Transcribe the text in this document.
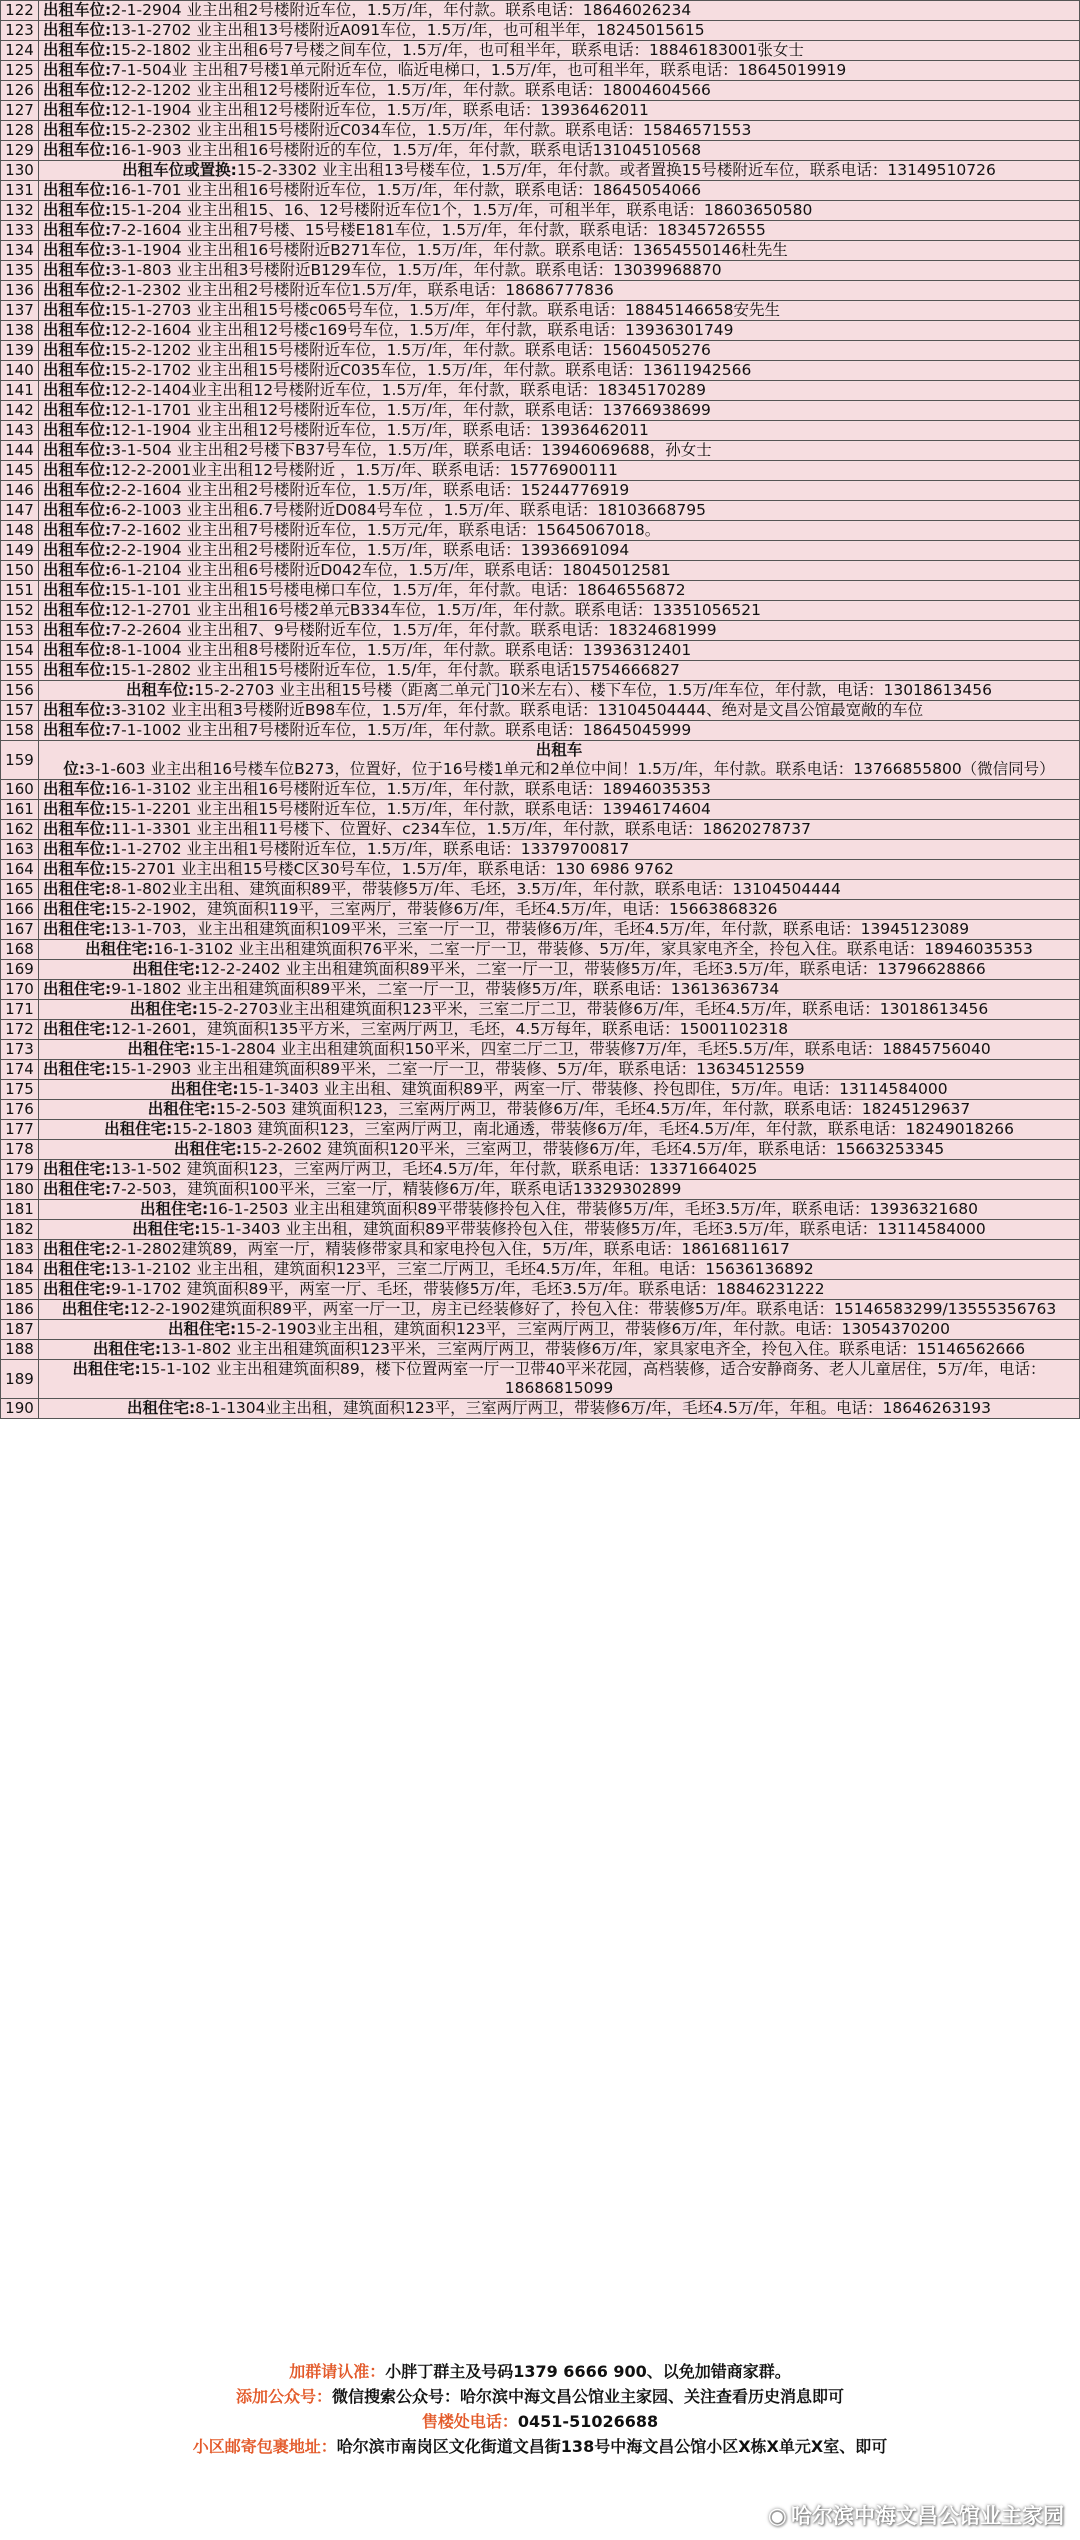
122	出租车位:2-1-2904 业主出租2号楼附近车位，1.5万/年，年付款。联系电话：18646026234
123	出租车位:13-1-2702 业主出租13号楼附近A091车位，1.5万/年，也可租半年，18245015615
124	出租车位:15-2-1802 业主出租6号7号楼之间车位，1.5万/年，也可租半年，联系电话：18846183001张女士
125	出租车位:7-1-504业 主出租7号楼1单元附近车位，临近电梯口，1.5万/年，也可租半年，联系电话：18645019919
126	出租车位:12-2-1202 业主出租12号楼附近车位，1.5万/年，年付款。联系电话：18004604566
127	出租车位:12-1-1904 业主出租12号楼附近车位，1.5万/年，联系电话：13936462011
128	出租车位:15-2-2302 业主出租15号楼附近C034车位，1.5万/年，年付款。联系电话：15846571553
129	出租车位:16-1-903 业主出租16号楼附近的车位，1.5万/年，年付款，联系电话13104510568
130	出租车位或置换:15-2-3302 业主出租13号楼车位，1.5万/年，年付款。或者置换15号楼附近车位，联系电话：13149510726
131	出租车位:16-1-701 业主出租16号楼附近车位，1.5万/年，年付款，联系电话：18645054066
132	出租车位:15-1-204 业主出租15、16、12号楼附近车位1个，1.5万/年，可租半年，联系电话：18603650580
133	出租车位:7-2-1604 业主出租7号楼、15号楼E181车位，1.5万/年，年付款，联系电话：18345726555
134	出租车位:3-1-1904 业主出租16号楼附近B271车位，1.5万/年，年付款。联系电话：13654550146杜先生
135	出租车位:3-1-803 业主出租3号楼附近B129车位，1.5万/年，年付款。联系电话：13039968870
136	出租车位:2-1-2302 业主出租2号楼附近车位1.5万/年，联系电话：18686777836
137	出租车位:15-1-2703 业主出租15号楼c065号车位，1.5万/年，年付款。联系电话：18845146658安先生
138	出租车位:12-2-1604 业主出租12号楼c169号车位，1.5万/年，年付款，联系电话：13936301749
139	出租车位:15-2-1202 业主出租15号楼附近车位，1.5万/年，年付款。联系电话：15604505276
140	出租车位:15-2-1702 业主出租15号楼附近C035车位，1.5万/年，年付款。联系电话：13611942566
141	出租车位:12-2-1404业主出租12号楼附近车位，1.5万/年，年付款，联系电话：18345170289
142	出租车位:12-1-1701 业主出租12号楼附近车位，1.5万/年，年付款，联系电话：13766938699
143	出租车位:12-1-1904 业主出租12号楼附近车位，1.5万/年，联系电话：13936462011
144	出租车位:3-1-504 业主出租2号楼下B37号车位，1.5万/年，联系电话：13946069688，孙女士
145	出租车位:12-2-2001业主出租12号楼附近 ，1.5万/年、联系电话：15776900111
146	出租车位:2-2-1604 业主出租2号楼附近车位，1.5万/年，联系电话：15244776919
147	出租车位:6-2-1003 业主出租6.7号楼附近D084号车位 ，1.5万/年、联系电话：18103668795
148	出租车位:7-2-1602 业主出租7号楼附近车位，1.5万元/年，联系电话：15645067018。
149	出租车位:2-2-1904 业主出租2号楼附近车位，1.5万/年，联系电话：13936691094
150	出租车位:6-1-2104 业主出租6号楼附近D042车位，1.5万/年，联系电话：18045012581
151	出租车位:15-1-101 业主出租15号楼电梯口车位，1.5万/年，年付款。电话：18646556872
152	出租车位:12-1-2701 业主出租16号楼2单元B334车位，1.5万/年，年付款。联系电话：13351056521
153	出租车位:7-2-2604 业主出租7、9号楼附近车位，1.5万/年，年付款。联系电话：18324681999
154	出租车位:8-1-1004 业主出租8号楼附近车位，1.5万/年，年付款。联系电话：13936312401
155	出租车位:15-1-2802 业主出租15号楼附近车位，1.5/年，年付款。联系电话15754666827
156	出租车位:15-2-2703 业主出租15号楼（距离二单元门10米左右）、楼下车位，1.5万/年车位，年付款，电话：13018613456
157	出租车位:3-3102 业主出租3号楼附近B98车位，1.5万/年，年付款。联系电话：13104504444、绝对是文昌公馆最宽敞的车位
158	出租车位:7-1-1002 业主出租7号楼附近车位，1.5万/年，年付款。联系电话：18645045999
159	出租车位:3-1-603 业主出租16号楼车位B273，位置好，位于16号楼1单元和2单位中间！1.5万/年，年付款。联系电话：13766855800（微信同号）
160	出租车位:16-1-3102 业主出租16号楼附近车位，1.5万/年，年付款，联系电话：18946035353
161	出租车位:15-1-2201 业主出租15号楼附近车位，1.5万/年，年付款，联系电话：13946174604
162	出租车位:11-1-3301 业主出租11号楼下、位置好、c234车位，1.5万/年，年付款，联系电话：18620278737
163	出租车位:1-1-2702 业主出租1号楼附近车位，1.5万/年，联系电话：13379700817
164	出租车位:15-2701 业主出租15号楼C区30号车位，1.5万/年，联系电话：130 6986 9762
165	出租住宅:8-1-802业主出租、建筑面积89平，带装修5万/年、毛坯，3.5万/年，年付款，联系电话：13104504444
166	出租住宅:15-2-1902，建筑面积119平，三室两厅，带装修6万/年，毛坯4.5万/年，电话：15663868326
167	出租住宅:13-1-703，业主出租建筑面积109平米，三室一厅一卫，带装修6万/年，毛坯4.5万/年，年付款，联系电话：13945123089
168	出租住宅:16-1-3102 业主出租建筑面积76平米，二室一厅一卫，带装修、5万/年，家具家电齐全，拎包入住。联系电话：18946035353
169	出租住宅:12-2-2402 业主出租建筑面积89平米，二室一厅一卫，带装修5万/年，毛坯3.5万/年，联系电话：13796628866
170	出租住宅:9-1-1802 业主出租建筑面积89平米，二室一厅一卫，带装修5万/年，联系电话：13613636734
171	出租住宅:15-2-2703业主出租建筑面积123平米，三室二厅二卫，带装修6万/年，毛坯4.5万/年，联系电话：13018613456
172	出租住宅:12-1-2601，建筑面积135平方米，三室两厅两卫，毛坯，4.5万每年，联系电话：15001102318
173	出租住宅:15-1-2804 业主出租建筑面积150平米，四室二厅二卫，带装修7万/年，毛坯5.5万/年，联系电话：18845756040
174	出租住宅:15-1-2903 业主出租建筑面积89平米，二室一厅一卫，带装修、5万/年，联系电话：13634512559
175	出租住宅:15-1-3403 业主出租、建筑面积89平，两室一厅、带装修、拎包即住，5万/年。电话：13114584000
176	出租住宅:15-2-503 建筑面积123，三室两厅两卫，带装修6万/年，毛坯4.5万/年，年付款，联系电话：18245129637
177	出租住宅:15-2-1803 建筑面积123，三室两厅两卫，南北通透，带装修6万/年，毛坯4.5万/年，年付款，联系电话：18249018266
178	出租住宅:15-2-2602 建筑面积120平米，三室两卫，带装修6万/年，毛坯4.5万/年，联系电话：15663253345
179	出租住宅:13-1-502 建筑面积123，三室两厅两卫，毛坯4.5万/年，年付款，联系电话：13371664025
180	出租住宅:7-2-503，建筑面积100平米，三室一厅，精装修6万/年，联系电话13329302899
181	出租住宅:16-1-2503 业主出租建筑面积89平带装修拎包入住，带装修5万/年，毛坯3.5万/年，联系电话：13936321680
182	出租住宅:15-1-3403 业主出租，建筑面积89平带装修拎包入住，带装修5万/年，毛坯3.5万/年，联系电话：13114584000
183	出租住宅:2-1-2802建筑89，两室一厅，精装修带家具和家电拎包入住，5万/年，联系电话：18616811617
184	出租住宅:13-1-2102 业主出租，建筑面积123平，三室二厅两卫，毛坯4.5万/年，年租。电话：15636136892
185	出租住宅:9-1-1702 建筑面积89平，两室一厅、毛坯，带装修5万/年，毛坯3.5万/年。联系电话：18846231222
186	出租住宅:12-2-1902建筑面积89平，两室一厅一卫，房主已经装修好了，拎包入住：带装修5万/年。联系电话：15146583299/13555356763
187	出租住宅:15-2-1903业主出租，建筑面积123平，三室两厅两卫，带装修6万/年，年付款。电话：13054370200
188	出租住宅:13-1-802 业主出租建筑面积123平米，三室两厅两卫，带装修6万/年，家具家电齐全，拎包入住。联系电话：15146562666
189	出租住宅:15-1-102 业主出租建筑面积89，楼下位置两室一厅一卫带40平米花园，高档装修，适合安静商务、老人儿童居住，5万/年，电话：18686815099
190	出租住宅:8-1-1304业主出租，建筑面积123平，三室两厅两卫，带装修6万/年，毛坯4.5万/年，年租。电话：18646263193
加群请认准：小胖丁群主及号码1379 6666 900、以免加错商家群。
添加公众号：微信搜索公众号：哈尔滨中海文昌公馆业主家园、关注查看历史消息即可
售楼处电话：0451-51026688
小区邮寄包裹地址：哈尔滨市南岗区文化街道文昌街138号中海文昌公馆小区X栋X单元X室、即可
◉ 哈尔滨中海文昌公馆业主家园
